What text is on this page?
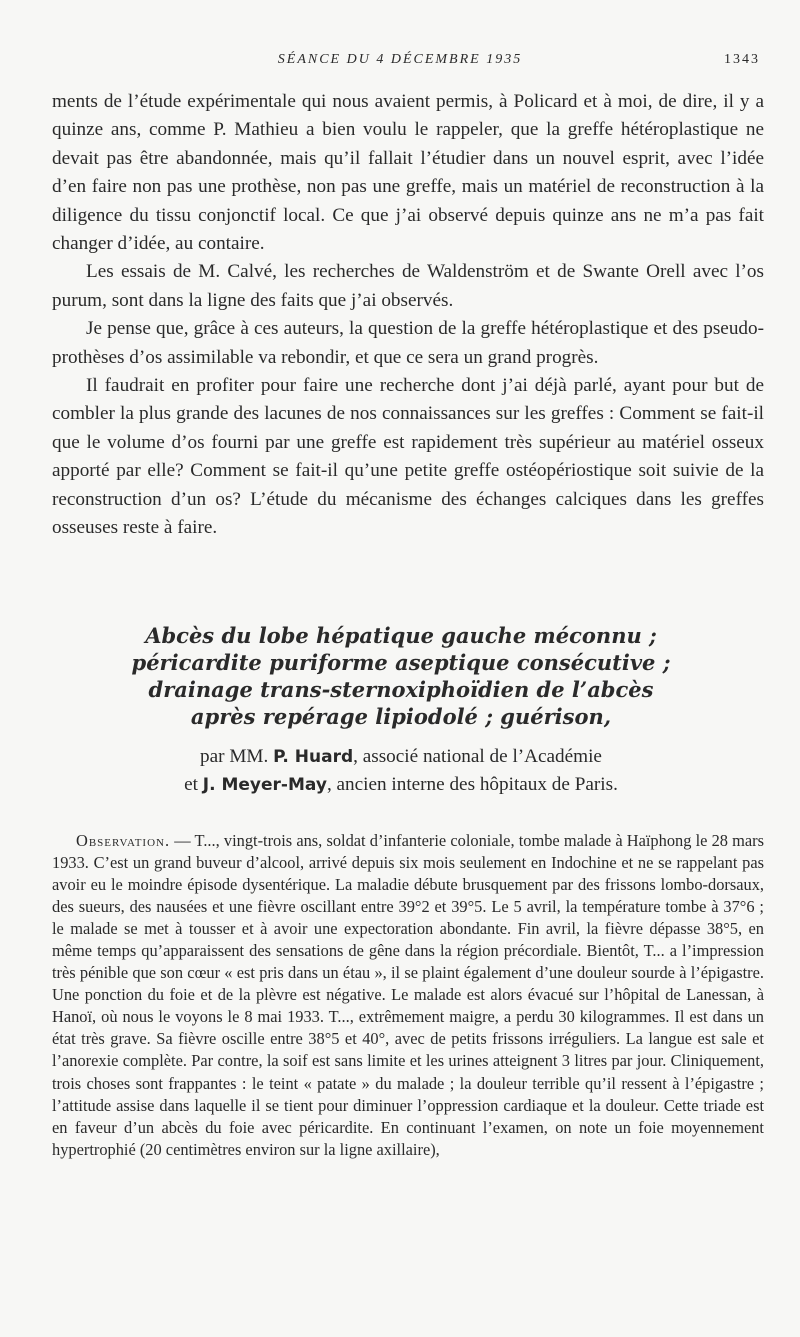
SÉANCE DU 4 DÉCEMBRE 1935	1343

ments de l’étude expérimentale qui nous avaient permis, à Policard et à moi, de dire, il y a quinze ans, comme P. Mathieu a bien voulu le rappeler, que la greffe hétéroplastique ne devait pas être abandonnée, mais qu’il fallait l’étudier dans un nouvel esprit, avec l’idée d’en faire non pas une prothèse, non pas une greffe, mais un matériel de reconstruction à la diligence du tissu conjonctif local. Ce que j’ai observé depuis quinze ans ne m’a pas fait changer d’idée, au contaire.

Les essais de M. Calvé, les recherches de Waldenström et de Swante Orell avec l’os purum, sont dans la ligne des faits que j’ai observés.

Je pense que, grâce à ces auteurs, la question de la greffe hétéroplastique et des pseudo-prothèses d’os assimilable va rebondir, et que ce sera un grand progrès.

Il faudrait en profiter pour faire une recherche dont j’ai déjà parlé, ayant pour but de combler la plus grande des lacunes de nos connaissances sur les greffes : Comment se fait-il que le volume d’os fourni par une greffe est rapidement très supérieur au matériel osseux apporté par elle? Comment se fait-il qu’une petite greffe ostéopériostique soit suivie de la reconstruction d’un os? L’étude du mécanisme des échanges calciques dans les greffes osseuses reste à faire.

Abcès du lobe hépatique gauche méconnu ;
péricardite puriforme aseptique consécutive ;
drainage trans-sternoxiphoïdien de l’abcès
après repérage lipiodolé ; guérison,
par MM. P. Huard, associé national de l’Académie
et J. Meyer-May, ancien interne des hôpitaux de Paris.

Observation. — T..., vingt-trois ans, soldat d’infanterie coloniale, tombe malade à Haïphong le 28 mars 1933. C’est un grand buveur d’alcool, arrivé depuis six mois seulement en Indochine et ne se rappelant pas avoir eu le moindre épisode dysentérique. La maladie débute brusquement par des frissons lombo-dorsaux, des sueurs, des nausées et une fièvre oscillant entre 39°2 et 39°5. Le 5 avril, la température tombe à 37°6 ; le malade se met à tousser et à avoir une expectoration abondante. Fin avril, la fièvre dépasse 38°5, en même temps qu’apparaissent des sensations de gêne dans la région précordiale. Bientôt, T... a l’impression très pénible que son cœur « est pris dans un étau », il se plaint également d’une douleur sourde à l’épigastre. Une ponction du foie et de la plèvre est négative. Le malade est alors évacué sur l’hôpital de Lanessan, à Hanoï, où nous le voyons le 8 mai 1933. T..., extrêmement maigre, a perdu 30 kilogrammes. Il est dans un état très grave. Sa fièvre oscille entre 38°5 et 40°, avec de petits frissons irréguliers. La langue est sale et l’anorexie complète. Par contre, la soif est sans limite et les urines atteignent 3 litres par jour. Cliniquement, trois choses sont frappantes : le teint « patate » du malade ; la douleur terrible qu’il ressent à l’épigastre ; l’attitude assise dans laquelle il se tient pour diminuer l’oppression cardiaque et la douleur. Cette triade est en faveur d’un abcès du foie avec péricardite. En continuant l’examen, on note un foie moyennement hypertrophié (20 centimètres environ sur la ligne axillaire),
